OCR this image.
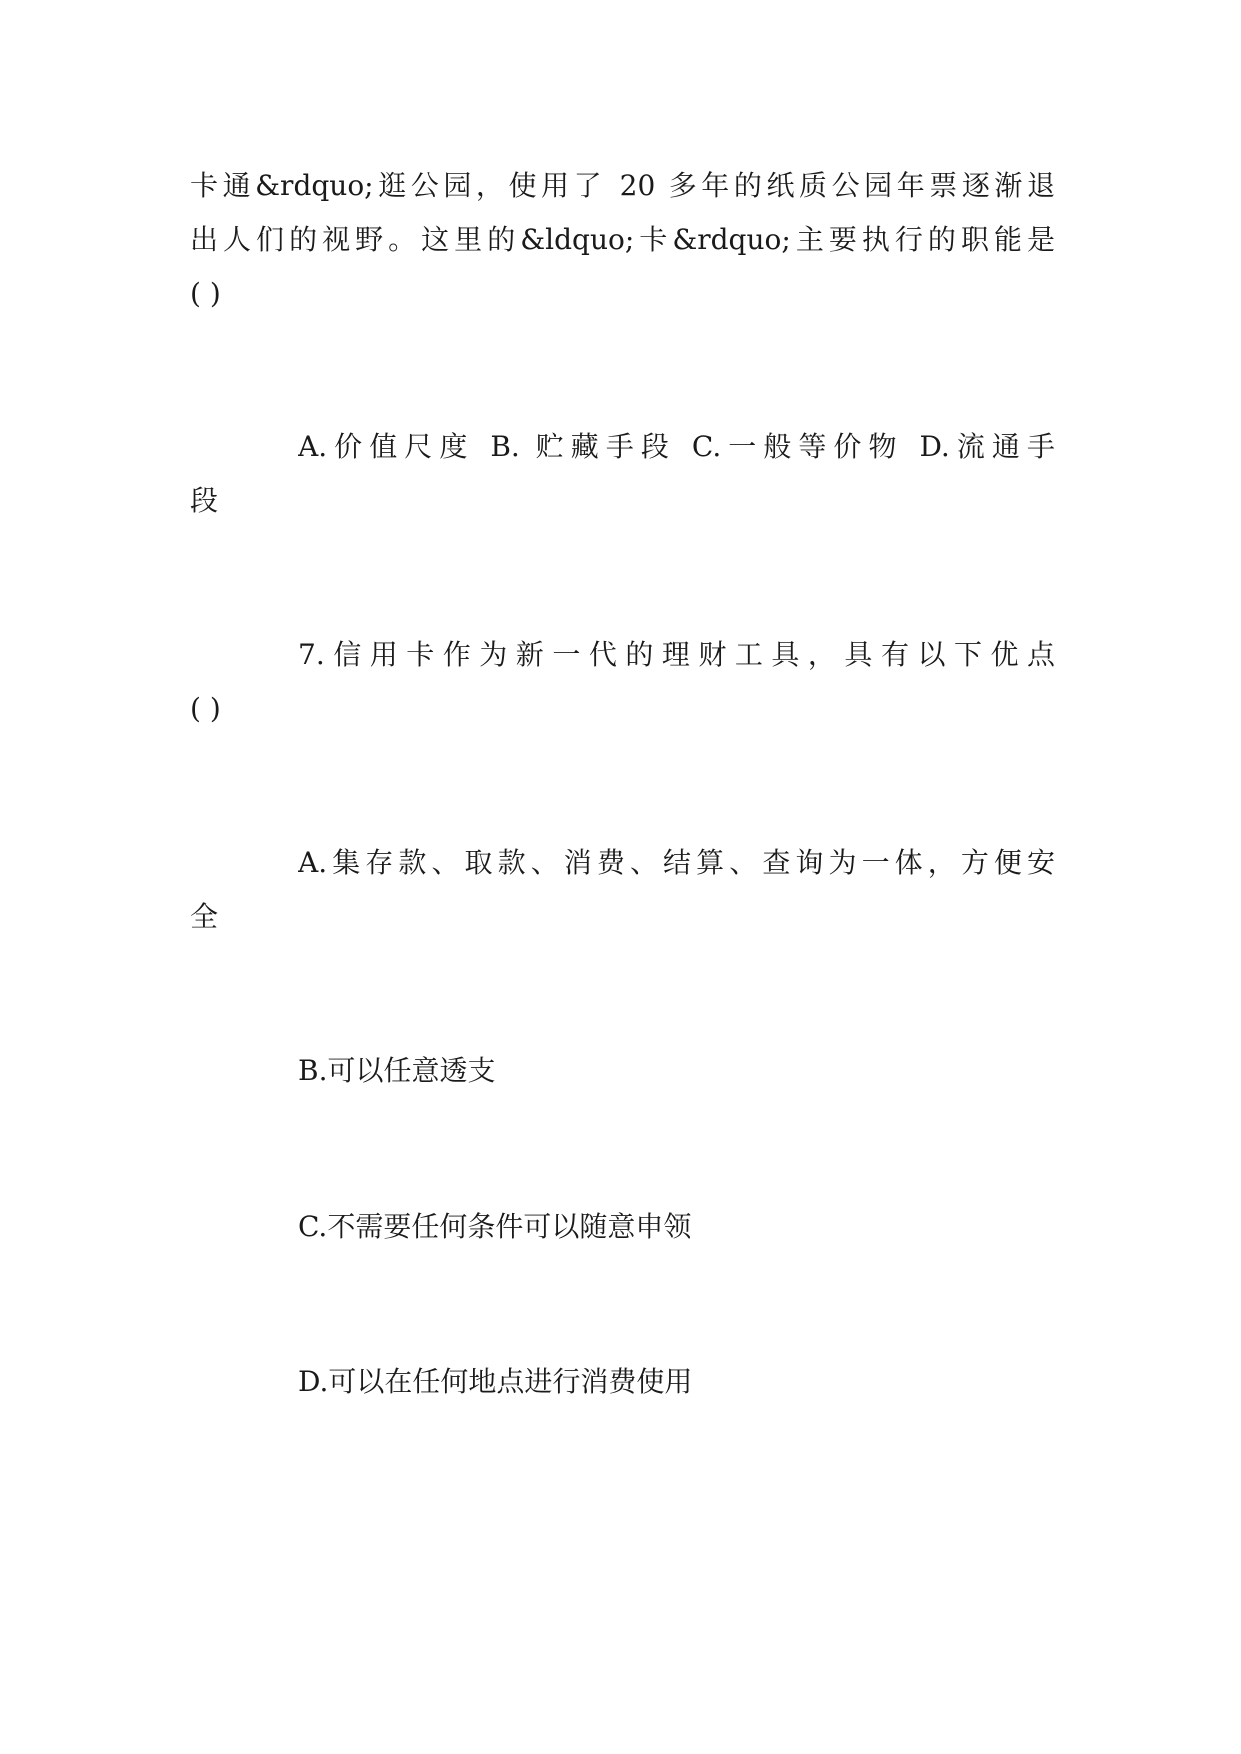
卡通&rdquo;逛公园，使用了 20 多年的纸质公园年票逐渐退
出人们的视野。这里的&ldquo;卡&rdquo;主要执行的职能是
( )
A.价值尺度 B. 贮藏手段 C.一般等价物 D.流通手
段
7.信用卡作为新一代的理财工具，具有以下优点
( )
A.集存款、取款、消费、结算、查询为一体，方便安
全
B.可以任意透支
C.不需要任何条件可以随意申领
D.可以在任何地点进行消费使用
